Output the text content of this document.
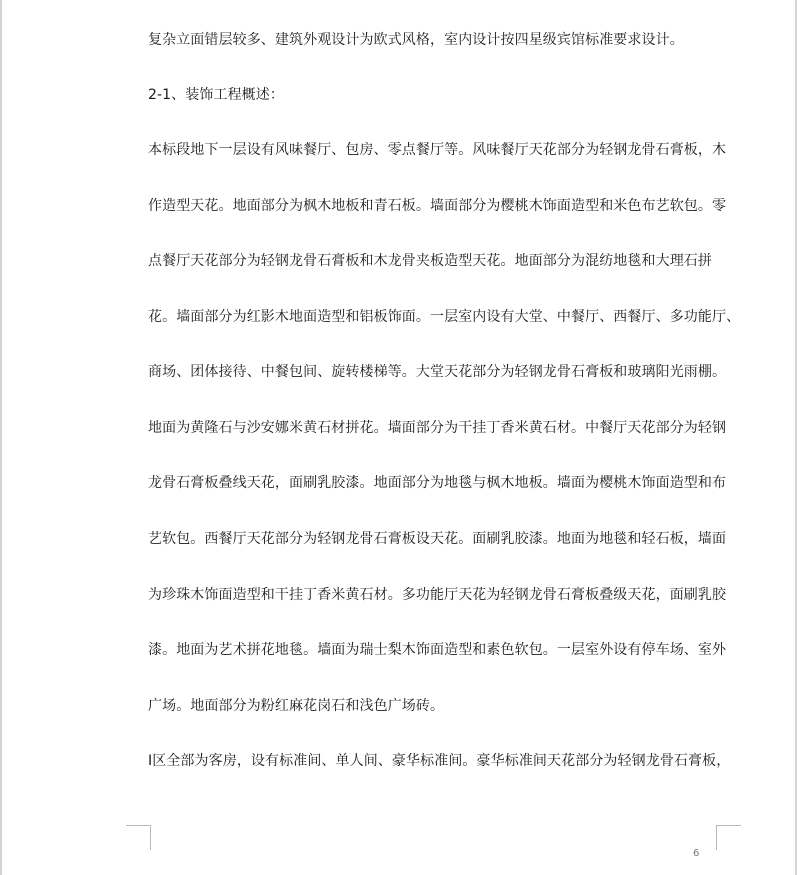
复杂立面错层较多、建筑外观设计为欧式风格，室内设计按四星级宾馆标准要求设计。
2-1、装饰工程概述：
本标段地下一层设有风味餐厅、包房、零点餐厅等。风味餐厅天花部分为轻钢龙骨石膏板，木
作造型天花。地面部分为枫木地板和青石板。墙面部分为樱桃木饰面造型和米色布艺软包。零
点餐厅天花部分为轻钢龙骨石膏板和木龙骨夹板造型天花。地面部分为混纺地毯和大理石拼
花。墙面部分为红影木地面造型和铝板饰面。一层室内设有大堂、中餐厅、西餐厅、多功能厅、
商场、团体接待、中餐包间、旋转楼梯等。大堂天花部分为轻钢龙骨石膏板和玻璃阳光雨棚。
地面为黄隆石与沙安娜米黄石材拼花。墙面部分为干挂丁香米黄石材。中餐厅天花部分为轻钢
龙骨石膏板叠线天花，面刷乳胶漆。地面部分为地毯与枫木地板。墙面为樱桃木饰面造型和布
艺软包。西餐厅天花部分为轻钢龙骨石膏板设天花。面刷乳胶漆。地面为地毯和轻石板，墙面
为珍珠木饰面造型和干挂丁香米黄石材。多功能厅天花为轻钢龙骨石膏板叠级天花，面刷乳胶
漆。地面为艺术拼花地毯。墙面为瑞士梨木饰面造型和素色软包。一层室外设有停车场、室外
广场。地面部分为粉红麻花岗石和浅色广场砖。
Ⅰ区全部为客房，设有标准间、单人间、豪华标准间。豪华标准间天花部分为轻钢龙骨石膏板，
6
